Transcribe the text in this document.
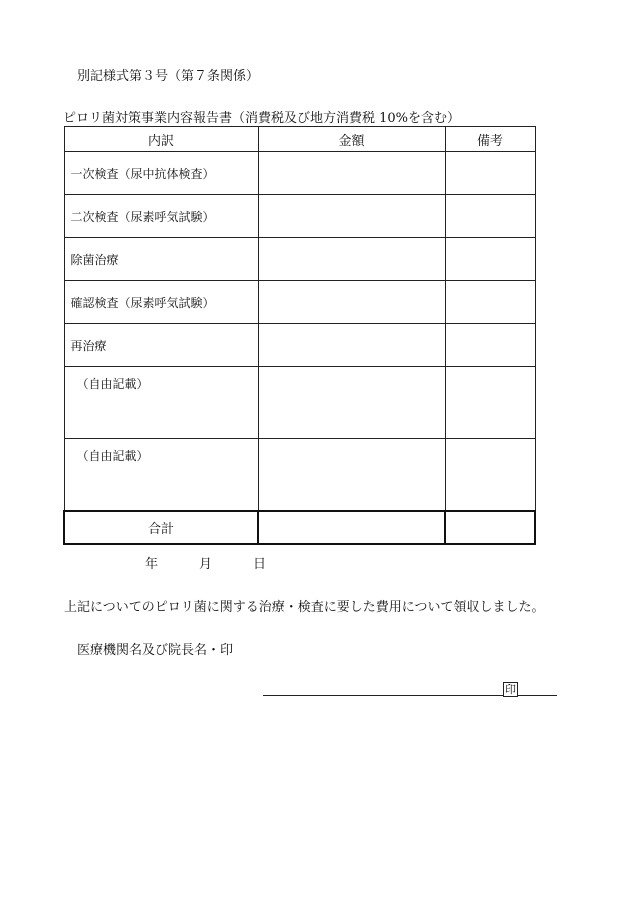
別記様式第３号（第７条関係）
ピロリ菌対策事業内容報告書（消費税及び地方消費税 10%を含む）
内訳	金額	備考
一次検査（尿中抗体検査）		
二次検査（尿素呼気試験）		
除菌治療		
確認検査（尿素呼気試験）		
再治療		
（自由記載）		
（自由記載）		
合計		
年	月	日
上記についてのピロリ菌に関する治療・検査に要した費用について領収しました。
医療機関名及び院長名・印
印
